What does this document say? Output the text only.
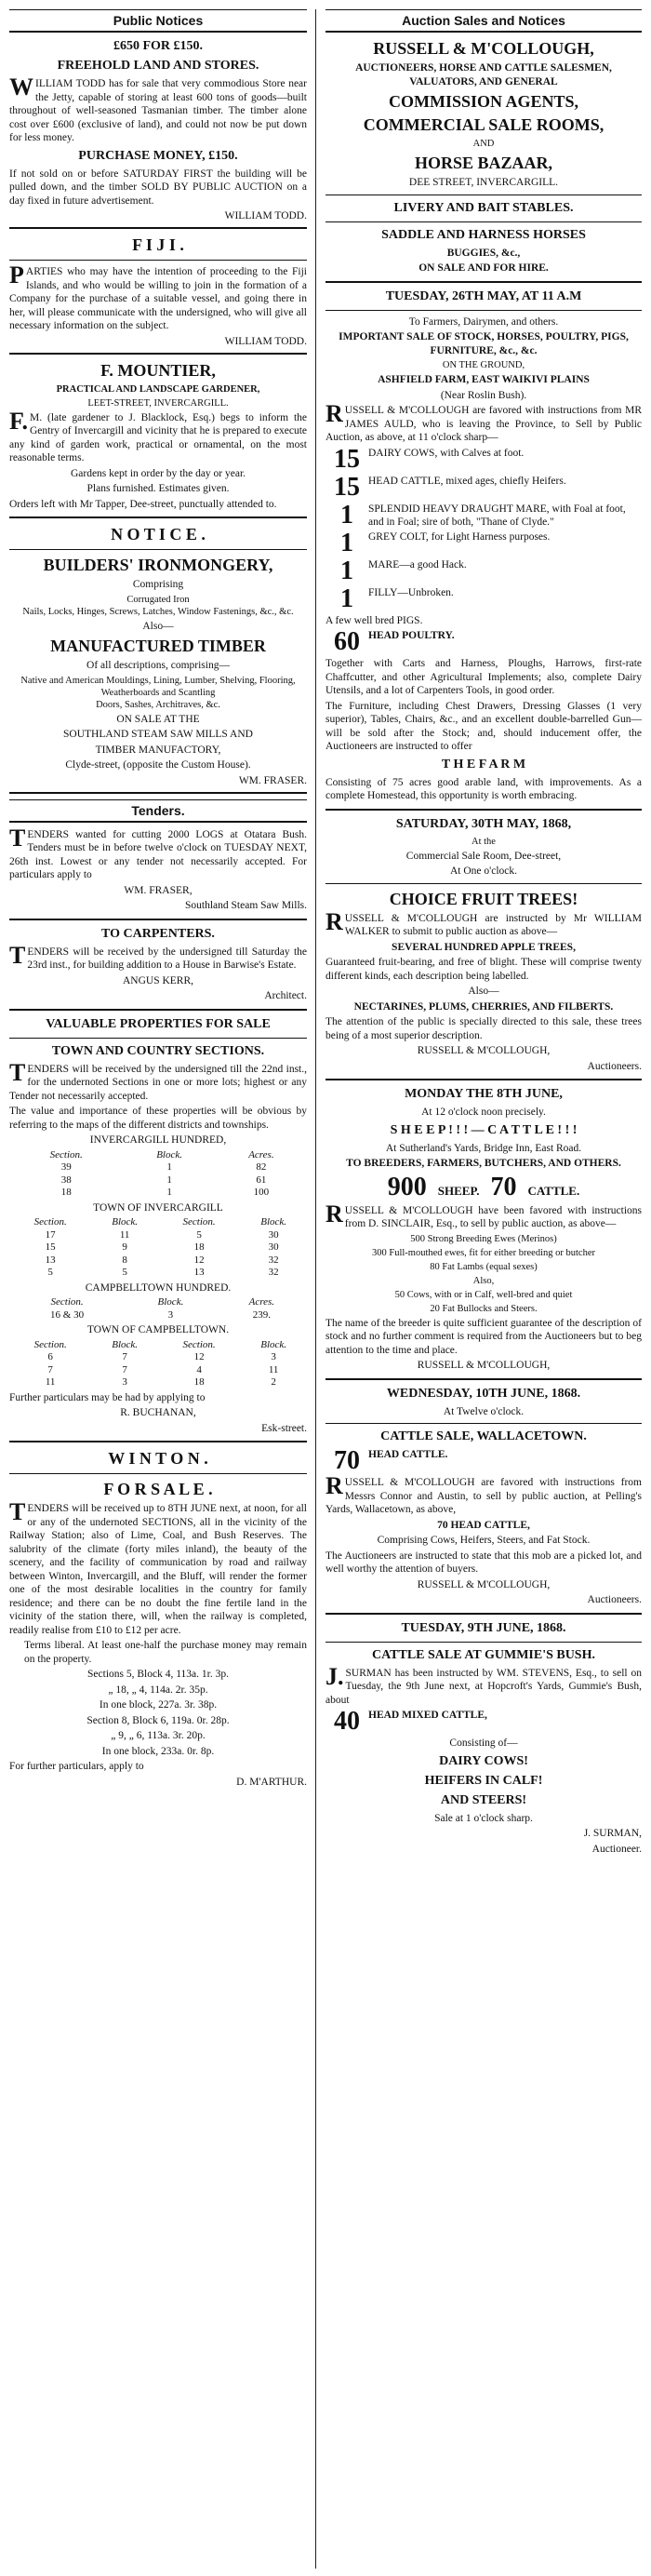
Public Notices
£650 FOR £150.
FREEHOLD LAND AND STORES.

WILLIAM TODD has for sale that very commodious Store near the Jetty, capable of storing at least 600 tons of goods—built throughout of well-seasoned Tasmanian timber. The timber alone cost over £600 (exclusive of land), and could not now be put down for less money.

PURCHASE MONEY, £150.

If not sold on or before SATURDAY FIRST the building will be pulled down, and the timber SOLD BY PUBLIC AUCTION on a day fixed in future advertisement.

WILLIAM TODD.
F I J I .

PARTIES who may have the intention of proceeding to the Fiji Islands, and who would be willing to join in the formation of a Company for the purchase of a suitable vessel, and going there in her, will please communicate with the undersigned, who will give all necessary information on the subject.

WILLIAM TODD.
F. MOUNTIER,

PRACTICAL AND LANDSCAPE GARDENER,

LEET-STREET, INVERCARGILL.

F.M. (late gardener to J. Blacklock, Esq.) begs to inform the Gentry of Invercargill and vicinity that he is prepared to execute any kind of garden work, practical or ornamental, on the most reasonable terms.

Gardens kept in order by the day or year.

Plans furnished. Estimates given.

Orders left with Mr Tapper, Dee-street, punctually attended to.

N O T I C E .
BUILDERS' IRONMONGERY,

Comprising

Corrugated Iron
Nails, Locks, Hinges, Screws, Latches, Window Fastenings, &c., &c.

Also—

MANUFACTURED TIMBER

Of all descriptions, comprising—

Native and American Mouldings, Lining, Lumber, Shelving, Flooring, Weatherboards and Scantling
Doors, Sashes, Architraves, &c.

ON SALE AT THE

SOUTHLAND STEAM SAW MILLS AND

TIMBER MANUFACTORY,

Clyde-street, (opposite the Custom House).

WM. FRASER.
Tenders.

TENDERS wanted for cutting 2000 LOGS at Otatara Bush. Tenders must be in before twelve o'clock on TUESDAY NEXT, 26th inst. Lowest or any tender not necessarily accepted. For particulars apply to

WM. FRASER,

Southland Steam Saw Mills.

TO CARPENTERS.

TENDERS will be received by the undersigned till Saturday the 23rd inst., for building addition to a House in Barwise's Estate.

ANGUS KERR,

Architect.

VALUABLE PROPERTIES FOR SALE
TOWN AND COUNTRY SECTIONS.

TENDERS will be received by the undersigned till the 22nd inst., for the undernoted Sections in one or more lots; highest or any Tender not necessarily accepted.

The value and importance of these properties will be obvious by referring to the maps of the different districts and townships.

INVERCARGILL HUNDRED,

Section.	Block.	Acres.
39	1	82
38	1	61
18	1	100

TOWN OF INVERCARGILL

Section.	Block.	Section.	Block.
17	11	5	30
15	9	18	30
13	8	12	32
5	5	13	32

CAMPBELLTOWN HUNDRED.

Section.	Block.	Acres.
16 & 30	3	239.

TOWN OF CAMPBELLTOWN.

Section.	Block.	Section.	Block.
6	7	12	3
7	7	4	11
11	3	18	2

Further particulars may be had by applying to

R. BUCHANAN,

Esk-street.

W I N T O N .
F O R S A L E .

TENDERS will be received up to 8TH JUNE next, at noon, for all or any of the undernoted SECTIONS, all in the vicinity of the Railway Station; also of Lime, Coal, and Bush Reserves. The salubrity of the climate (forty miles inland), the beauty of the scenery, and the facility of communication by road and railway between Winton, Invercargill, and the Bluff, will render the former one of the most desirable localities in the country for family residence; and there can be no doubt the fine fertile land in the vicinity of the station there, will, when the railway is completed, readily realise from £10 to £12 per acre.

Terms liberal. At least one-half the purchase money may remain on the property.

Sections 5, Block 4, 113a. 1r. 3p.

„ 18, „ 4, 114a. 2r. 35p.

In one block, 227a. 3r. 38p.

Section 8, Block 6, 119a. 0r. 28p.

„ 9, „ 6, 113a. 3r. 20p.

In one block, 233a. 0r. 8p.

For further particulars, apply to

D. M'ARTHUR.

Auction Sales and Notices
RUSSELL & M'COLLOUGH,

AUCTIONEERS, HORSE AND CATTLE SALESMEN, VALUATORS, AND GENERAL

COMMISSION AGENTS,
COMMERCIAL SALE ROOMS,

AND

HORSE BAZAAR,

DEE STREET, INVERCARGILL.

LIVERY AND BAIT STABLES.
SADDLE AND HARNESS HORSES

BUGGIES, &c.,

ON SALE AND FOR HIRE.

TUESDAY, 26TH MAY, AT 11 A.M

To Farmers, Dairymen, and others.

IMPORTANT SALE OF STOCK, HORSES, POULTRY, PIGS, FURNITURE, &c., &c.

ON THE GROUND,

ASHFIELD FARM, EAST WAIKIVI PLAINS

(Near Roslin Bush).

RUSSELL & M'COLLOUGH are favored with instructions from MR JAMES AULD, who is leaving the Province, to Sell by Public Auction, as above, at 11 o'clock sharp—

15 DAIRY COWS, with Calves at foot.
15 HEAD CATTLE, mixed ages, chiefly Heifers.
1	SPLENDID HEAVY DRAUGHT MARE, with Foal at foot, and in Foal; sire of both, "Thane of Clyde."
1	GREY COLT, for Light Harness purposes.
1	MARE—a good Hack.
1	FILLY—Unbroken.

A few well bred PIGS.

60 HEAD POULTRY.

Together with Carts and Harness, Ploughs, Harrows, first-rate Chaffcutter, and other Agricultural Implements; also, complete Dairy Utensils, and a lot of Carpenters Tools, in good order.

The Furniture, including Chest Drawers, Dressing Glasses (1 very superior), Tables, Chairs, &c., and an excellent double-barrelled Gun—will be sold after the Stock; and, should inducement offer, the Auctioneers are instructed to offer

T H E F A R M

Consisting of 75 acres good arable land, with improvements. As a complete Homestead, this opportunity is worth embracing.

SATURDAY, 30TH MAY, 1868,

At the

Commercial Sale Room, Dee-street,

At One o'clock.

CHOICE FRUIT TREES!

RUSSELL & M'COLLOUGH are instructed by Mr WILLIAM WALKER to submit to public auction as above—

SEVERAL HUNDRED APPLE TREES,

Guaranteed fruit-bearing, and free of blight. These will comprise twenty different kinds, each description being labelled.

Also—

NECTARINES, PLUMS, CHERRIES, AND FILBERTS.

The attention of the public is specially directed to this sale, these trees being of a most superior description.

RUSSELL & M'COLLOUGH,

Auctioneers.

MONDAY THE 8TH JUNE,

At 12 o'clock noon precisely.

S H E E P ! ! ! — C A T T L E ! ! !

At Sutherland's Yards, Bridge Inn, East Road.

TO BREEDERS, FARMERS, BUTCHERS, AND OTHERS.

900 SHEEP. 70 CATTLE.

RUSSELL & M'COLLOUGH have been favored with instructions from D. SINCLAIR, Esq., to sell by public auction, as above—

500 Strong Breeding Ewes (Merinos)

300 Full-mouthed ewes, fit for either breeding or butcher

80 Fat Lambs (equal sexes)

Also,

50 Cows, with or in Calf, well-bred and quiet

20 Fat Bullocks and Steers.

The name of the breeder is quite sufficient guarantee of the description of stock and no further comment is required from the Auctioneers but to beg attention to the time and place.

RUSSELL & M'COLLOUGH,

WEDNESDAY, 10TH JUNE, 1868.

At Twelve o'clock.

CATTLE SALE, WALLACETOWN.
70 HEAD CATTLE.

RUSSELL & M'COLLOUGH are favored with instructions from Messrs Connor and Austin, to sell by public auction, at Pelling's Yards, Wallacetown, as above,

70 HEAD CATTLE,

Comprising Cows, Heifers, Steers, and Fat Stock.

The Auctioneers are instructed to state that this mob are a picked lot, and well worthy the attention of buyers.

RUSSELL & M'COLLOUGH,

Auctioneers.

TUESDAY, 9TH JUNE, 1868.
CATTLE SALE AT GUMMIE'S BUSH.

J.SURMAN has been instructed by WM. STEVENS, Esq., to sell on Tuesday, the 9th June next, at Hopcroft's Yards, Gummie's Bush, about

40 HEAD MIXED CATTLE,

Consisting of—

DAIRY COWS!
HEIFERS IN CALF!
AND STEERS!

Sale at 1 o'clock sharp.

J. SURMAN,

Auctioneer.
